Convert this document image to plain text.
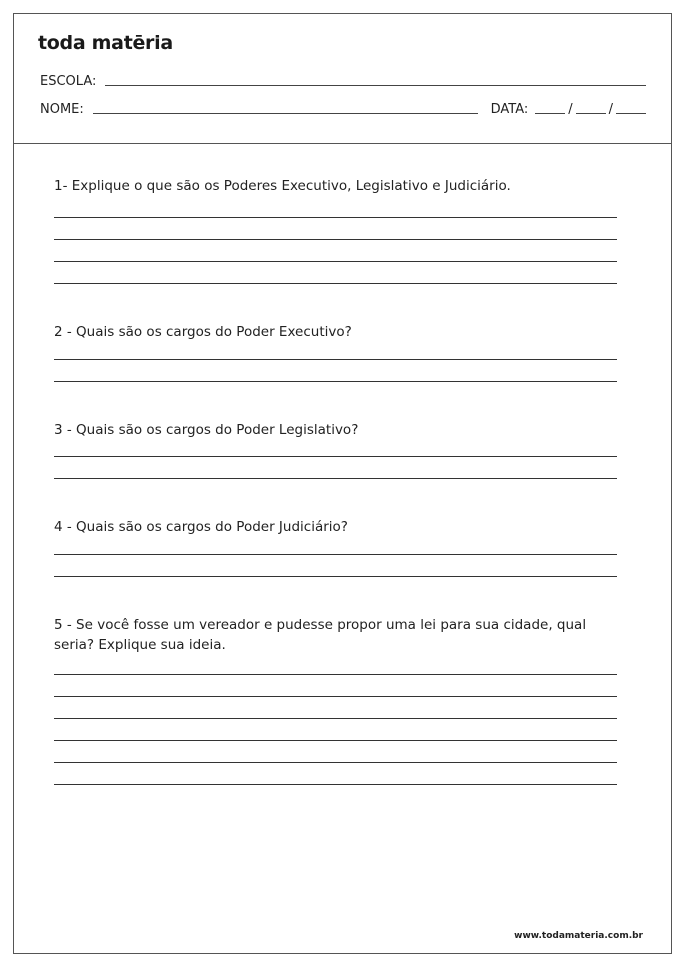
toda matēria
ESCOLA:
NOME:	DATA:	/	/
1- Explique o que são os Poderes Executivo, Legislativo e Judiciário.
2 - Quais são os cargos do Poder Executivo?
3 - Quais são os cargos do Poder Legislativo?
4 - Quais são os cargos do Poder Judiciário?
5 - Se você fosse um vereador e pudesse propor uma lei para sua cidade, qual seria? Explique sua ideia.
www.todamateria.com.br
